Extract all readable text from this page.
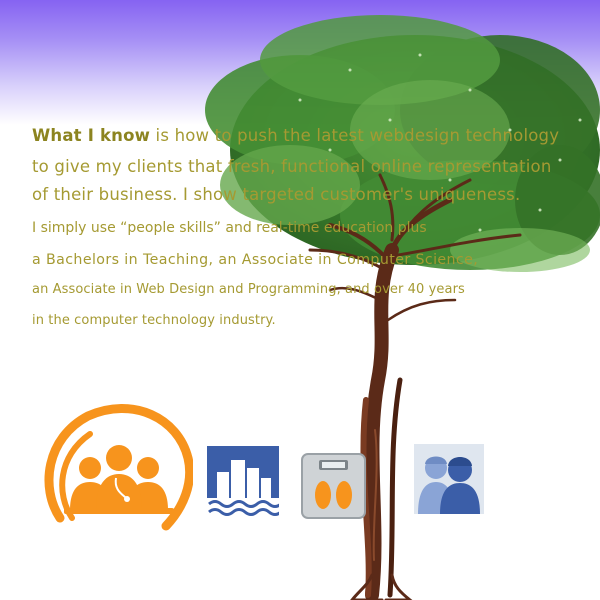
What I know is how to push the latest webdesign technology
to give my clients that fresh, functional online representation
of their business. I show targeted customer's uniqueness.
I simply use “people skills” and real-time education plus
a Bachelors in Teaching, an Associate in Computer Science,
an Associate in Web Design and Programming, and over 40 years
in the computer technology industry.
